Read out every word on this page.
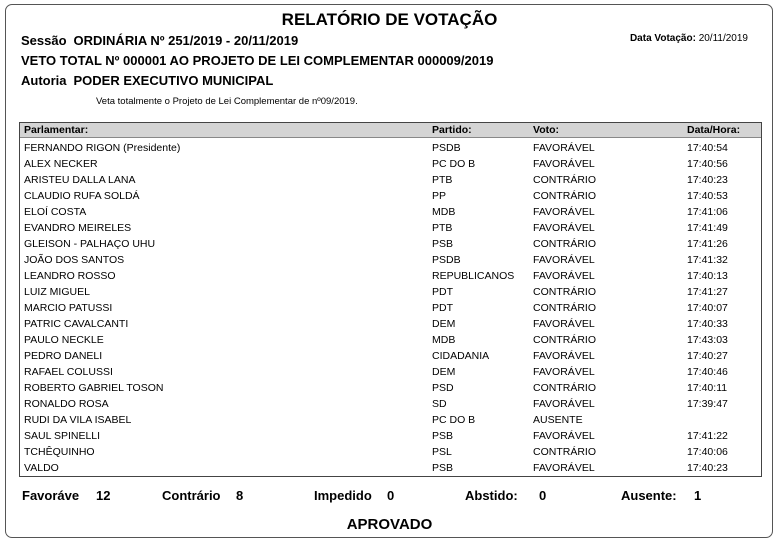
RELATÓRIO DE VOTAÇÃO
Sessão ORDINÁRIA Nº 251/2019 - 20/11/2019	Data Votação: 20/11/2019
VETO TOTAL Nº 000001 AO PROJETO DE LEI COMPLEMENTAR 000009/2019
Autoria PODER EXECUTIVO MUNICIPAL
Veta totalmente o Projeto de Lei Complementar de nº09/2019.
Parlamentar:	Partido:	Voto:	Data/Hora:
FERNANDO RIGON (Presidente)	PSDB	FAVORÁVEL	17:40:54
ALEX NECKER	PC DO B	FAVORÁVEL	17:40:56
ARISTEU DALLA LANA	PTB	CONTRÁRIO	17:40:23
CLAUDIO RUFA SOLDÁ	PP	CONTRÁRIO	17:40:53
ELOÍ COSTA	MDB	FAVORÁVEL	17:41:06
EVANDRO MEIRELES	PTB	FAVORÁVEL	17:41:49
GLEISON - PALHAÇO UHU	PSB	CONTRÁRIO	17:41:26
JOÃO DOS SANTOS	PSDB	FAVORÁVEL	17:41:32
LEANDRO ROSSO	REPUBLICANOS FAVORÁVEL	17:40:13
LUIZ MIGUEL	PDT	CONTRÁRIO	17:41:27
MARCIO PATUSSI	PDT	CONTRÁRIO	17:40:07
PATRIC CAVALCANTI	DEM	FAVORÁVEL	17:40:33
PAULO NECKLE	MDB	CONTRÁRIO	17:43:03
PEDRO DANELI	CIDADANIA	FAVORÁVEL	17:40:27
RAFAEL COLUSSI	DEM	FAVORÁVEL	17:40:46
ROBERTO GABRIEL TOSON	PSD	CONTRÁRIO	17:40:11
RONALDO ROSA	SD	FAVORÁVEL	17:39:47
RUDI DA VILA ISABEL	PC DO B	AUSENTE
SAUL SPINELLI	PSB	FAVORÁVEL	17:41:22
TCHÊQUINHO	PSL	CONTRÁRIO	17:40:06
VALDO	PSB	FAVORÁVEL	17:40:23
Favoráve 12	Contrário 8	Impedido 0	Abstido: 0	Ausente: 1
APROVADO
